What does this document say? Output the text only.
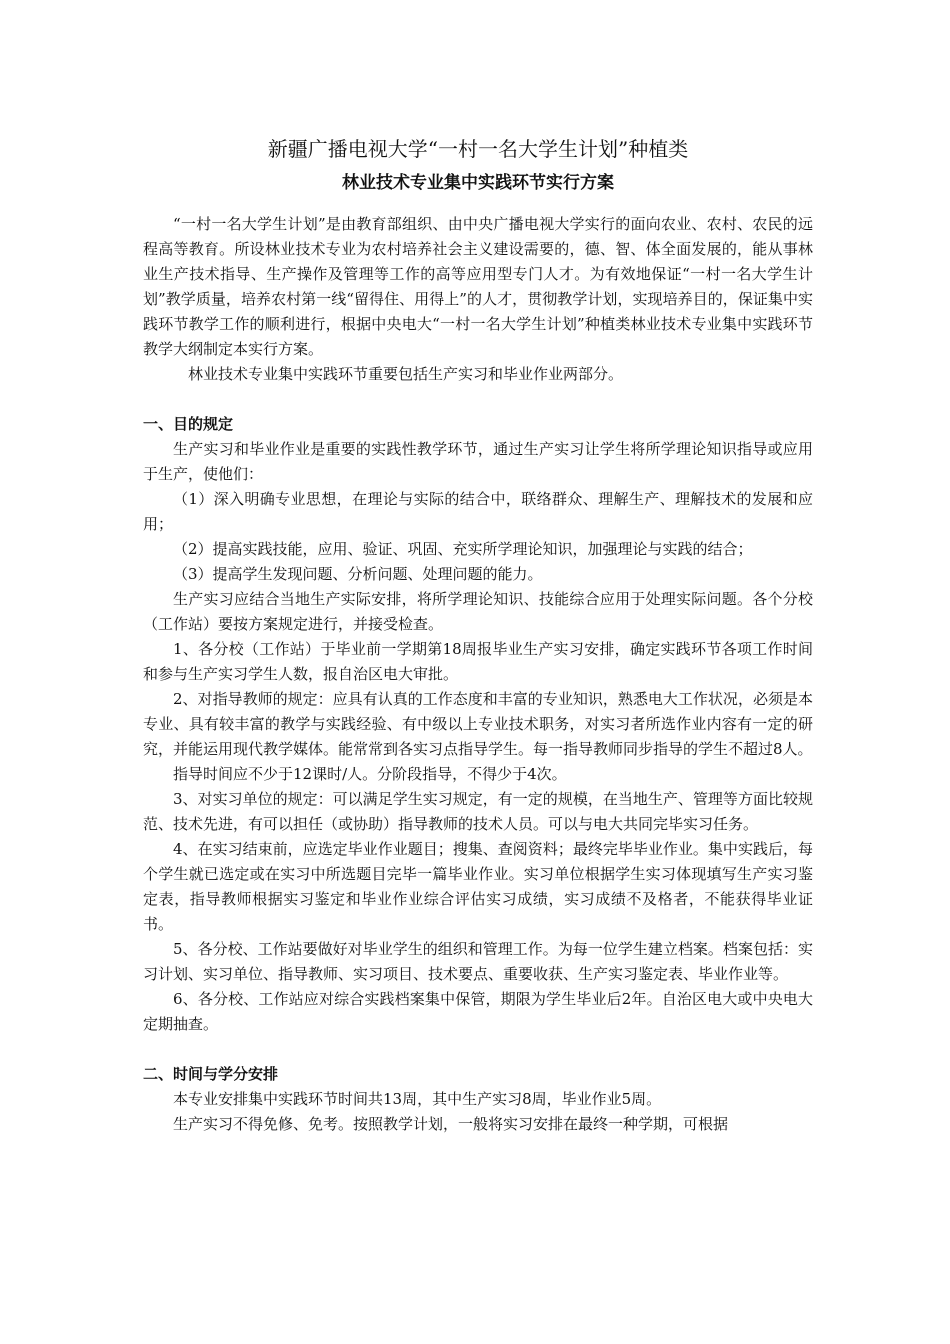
新疆广播电视大学“一村一名大学生计划”种植类
林业技术专业集中实践环节实行方案

“一村一名大学生计划”是由教育部组织、由中央广播电视大学实行的面向农业、农村、农民的远程高等教育。所设林业技术专业为农村培养社会主义建设需要的，德、智、体全面发展的，能从事林业生产技术指导、生产操作及管理等工作的高等应用型专门人才。为有效地保证“一村一名大学生计划”教学质量，培养农村第一线“留得住、用得上”的人才，贯彻教学计划，实现培养目的，保证集中实践环节教学工作的顺利进行，根据中央电大“一村一名大学生计划”种植类林业技术专业集中实践环节教学大纲制定本实行方案。

林业技术专业集中实践环节重要包括生产实习和毕业作业两部分。

一、目的规定

生产实习和毕业作业是重要的实践性教学环节，通过生产实习让学生将所学理论知识指导或应用于生产，使他们：

（1）深入明确专业思想，在理论与实际的结合中，联络群众、理解生产、理解技术的发展和应用；

（2）提高实践技能，应用、验证、巩固、充实所学理论知识，加强理论与实践的结合；

（3）提高学生发现问题、分析问题、处理问题的能力。

生产实习应结合当地生产实际安排，将所学理论知识、技能综合应用于处理实际问题。各个分校（工作站）要按方案规定进行，并接受检查。

1、各分校（工作站）于毕业前一学期第18周报毕业生产实习安排，确定实践环节各项工作时间和参与生产实习学生人数，报自治区电大审批。

2、对指导教师的规定：应具有认真的工作态度和丰富的专业知识，熟悉电大工作状况，必须是本专业、具有较丰富的教学与实践经验、有中级以上专业技术职务，对实习者所选作业内容有一定的研究，并能运用现代教学媒体。能常常到各实习点指导学生。每一指导教师同步指导的学生不超过8人。

指导时间应不少于12课时/人。分阶段指导，不得少于4次。

3、对实习单位的规定：可以满足学生实习规定，有一定的规模，在当地生产、管理等方面比较规范、技术先进，有可以担任（或协助）指导教师的技术人员。可以与电大共同完毕实习任务。

4、在实习结束前，应选定毕业作业题目；搜集、查阅资料；最终完毕毕业作业。集中实践后，每个学生就已选定或在实习中所选题目完毕一篇毕业作业。实习单位根据学生实习体现填写生产实习鉴定表，指导教师根据实习鉴定和毕业作业综合评估实习成绩，实习成绩不及格者，不能获得毕业证书。

5、各分校、工作站要做好对毕业学生的组织和管理工作。为每一位学生建立档案。档案包括：实习计划、实习单位、指导教师、实习项目、技术要点、重要收获、生产实习鉴定表、毕业作业等。

6、各分校、工作站应对综合实践档案集中保管，期限为学生毕业后2年。自治区电大或中央电大定期抽查。

二、时间与学分安排

本专业安排集中实践环节时间共13周，其中生产实习8周，毕业作业5周。

生产实习不得免修、免考。按照教学计划，一般将实习安排在最终一种学期，可根据
